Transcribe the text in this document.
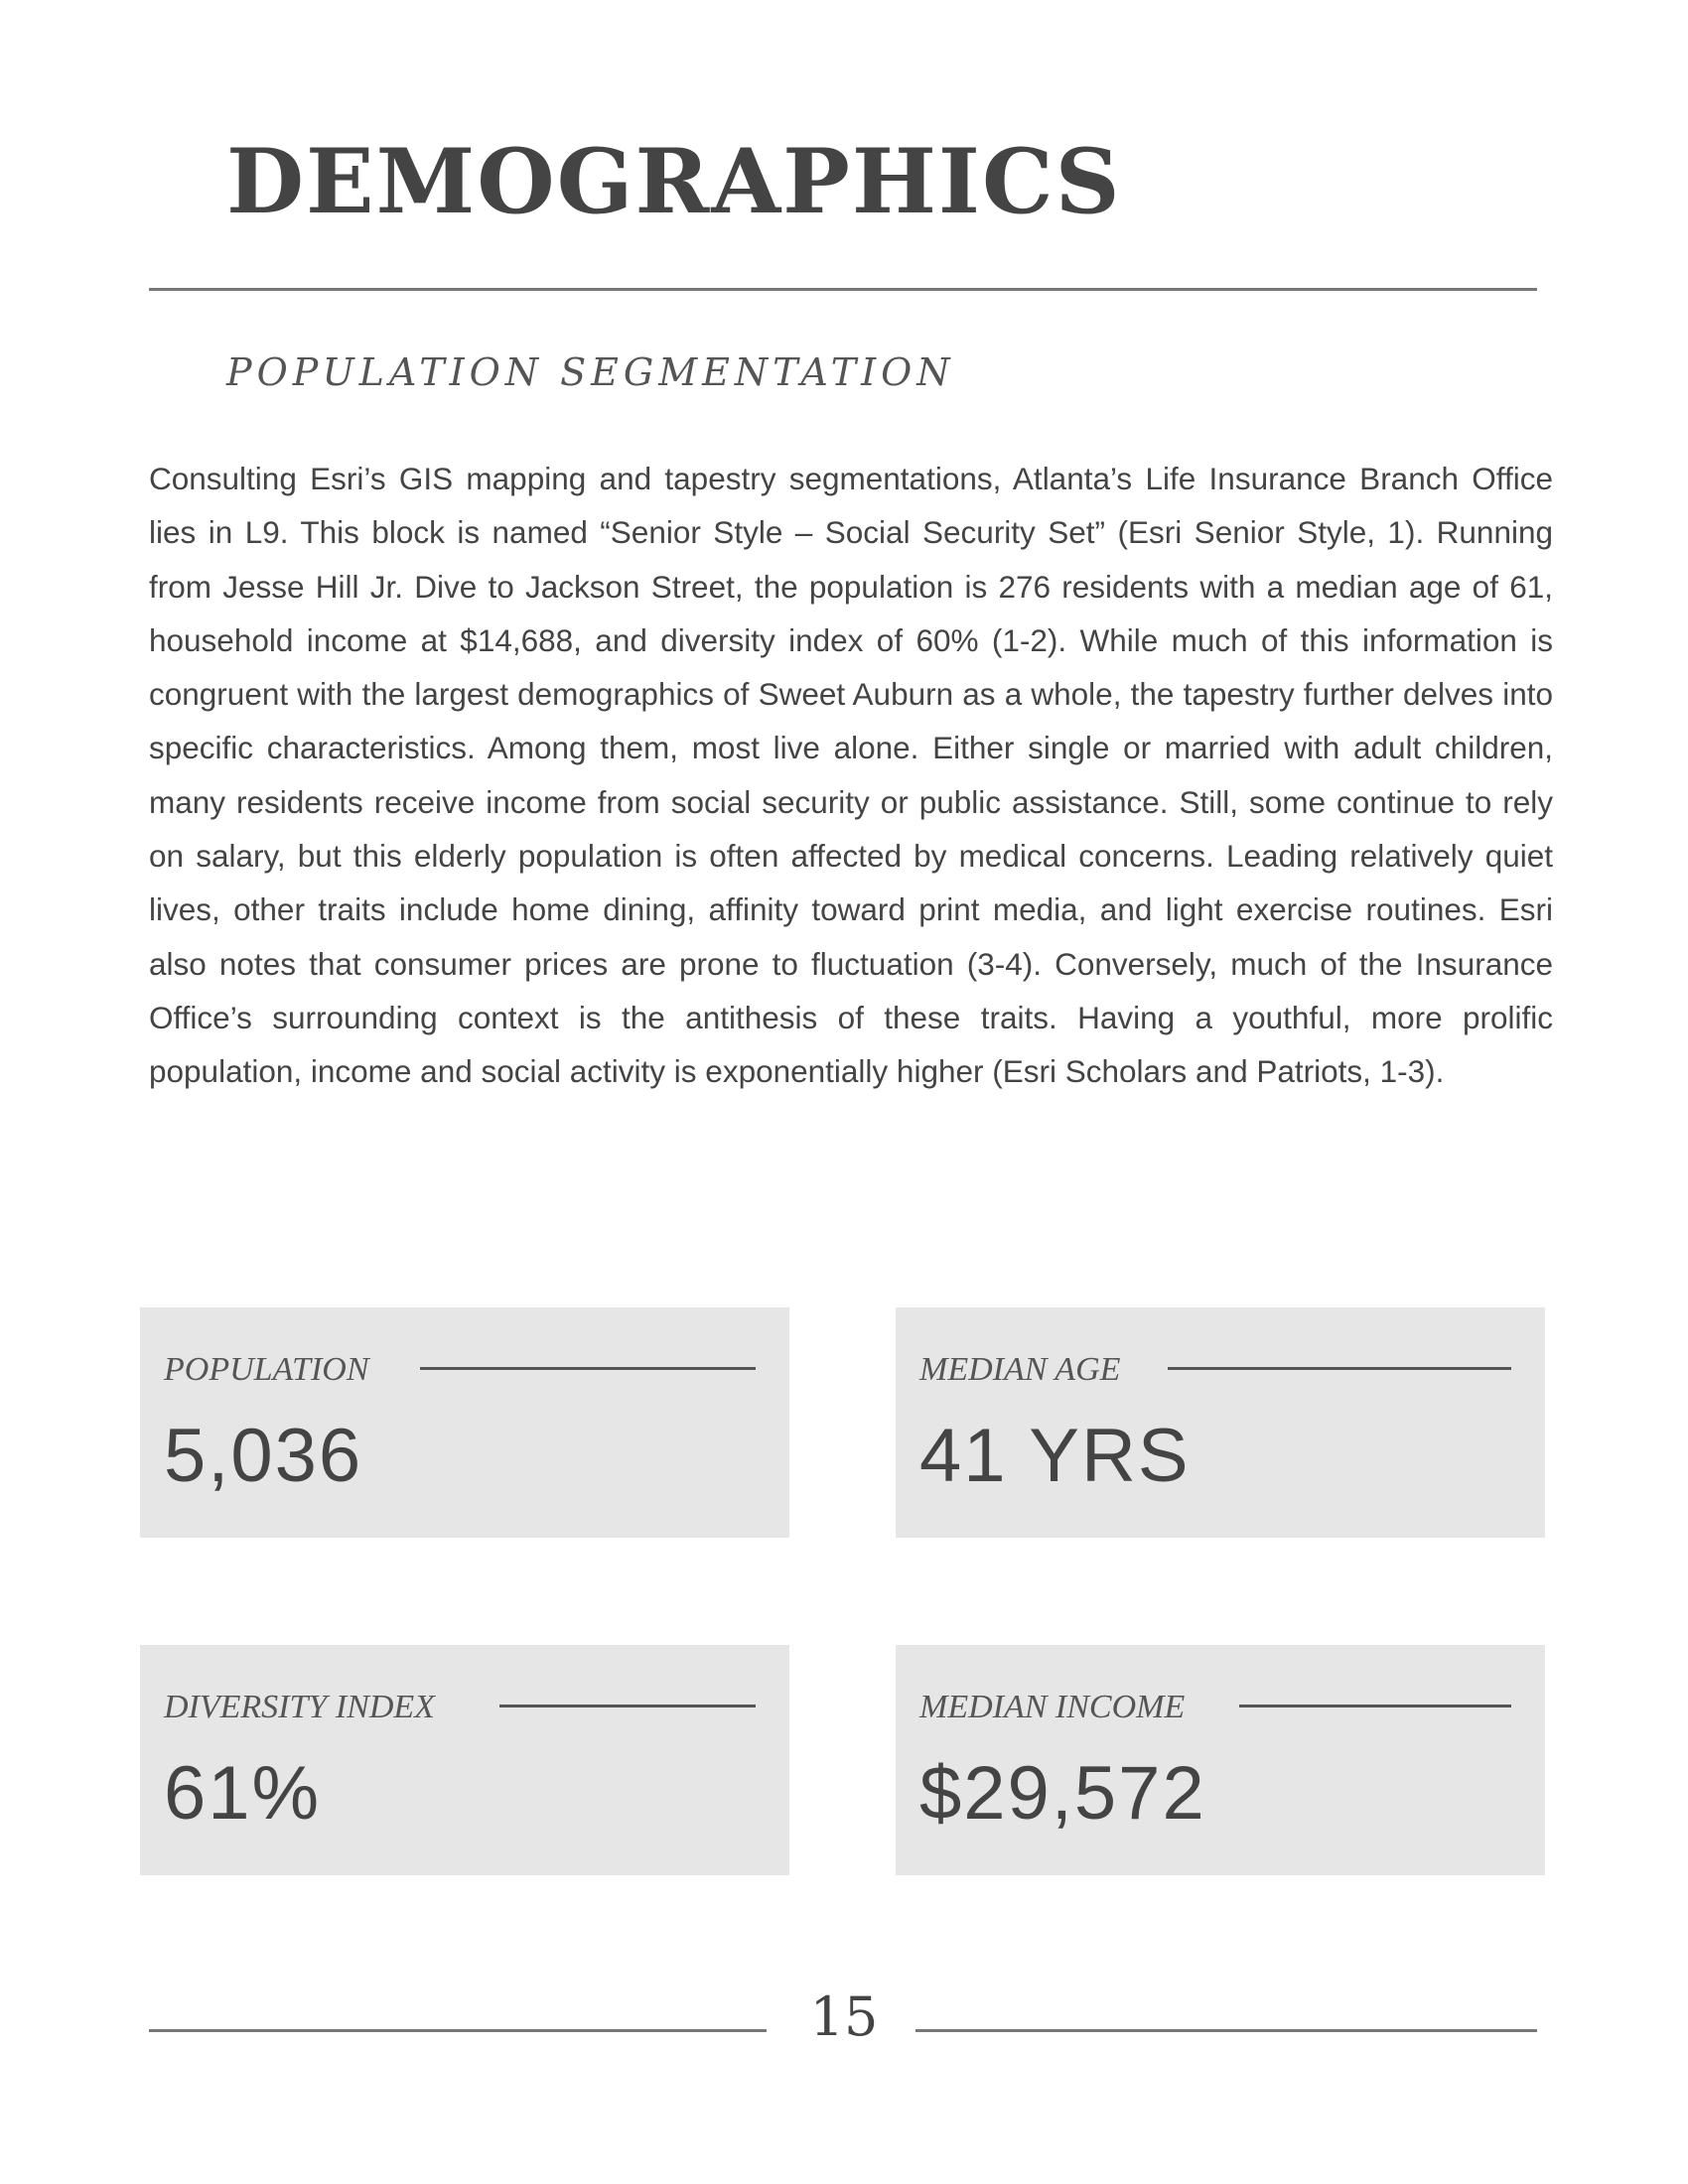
DEMOGRAPHICS
POPULATION SEGMENTATION

Consulting Esri’s GIS mapping and tapestry segmentations, Atlanta’s Life Insurance Branch Office lies in L9. This block is named “Senior Style – Social Security Set” (Esri Senior Style, 1). Running from Jesse Hill Jr. Dive to Jackson Street, the population is 276 residents with a median age of 61, household income at $14,688, and diversity index of 60% (1-2). While much of this information is congruent with the largest demographics of Sweet Auburn as a whole, the tapestry further delves into specific characteristics. Among them, most live alone. Either single or married with adult children, many residents receive income from social security or public assistance. Still, some continue to rely on salary, but this elderly population is often affected by medical concerns. Leading relatively quiet lives, other traits include home dining, affinity toward print media, and light exercise routines. Esri also notes that consumer prices are prone to fluctuation (3-4). Conversely, much of the Insurance Office’s surrounding context is the antithesis of these traits. Having a youthful, more prolific population, income and social activity is exponentially higher (Esri Scholars and Patriots, 1-3).

POPULATION
5,036
MEDIAN AGE
41 YRS
DIVERSITY INDEX
61%
MEDIAN INCOME
$29,572
15
